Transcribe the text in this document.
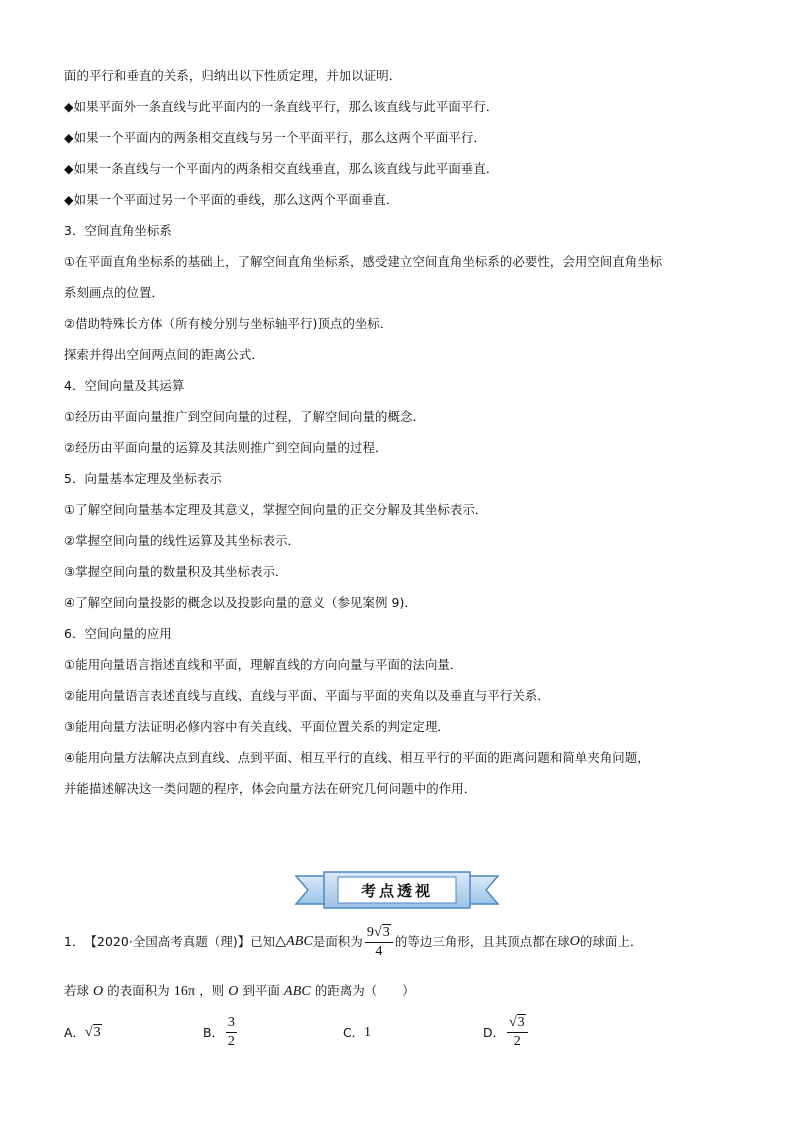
面的平行和垂直的关系，归纳出以下性质定理，并加以证明．
◆如果平面外一条直线与此平面内的一条直线平行，那么该直线与此平面平行．
◆如果一个平面内的两条相交直线与另一个平面平行，那么这两个平面平行．
◆如果一条直线与一个平面内的两条相交直线垂直，那么该直线与此平面垂直．
◆如果一个平面过另一个平面的垂线，那么这两个平面垂直．
3．空间直角坐标系
①在平面直角坐标系的基础上，了解空间直角坐标系，感受建立空间直角坐标系的必要性，会用空间直角坐标
系刻画点的位置．
②借助特殊长方体（所有棱分别与坐标轴平行)顶点的坐标．
探索并得出空间两点间的距离公式．
4．空间向量及其运算
①经历由平面向量推广到空间向量的过程，了解空间向量的概念．
②经历由平面向量的运算及其法则推广到空间向量的过程．
5．向量基本定理及坐标表示
①了解空间向量基本定理及其意义，掌握空间向量的正交分解及其坐标表示．
②掌握空间向量的线性运算及其坐标表示．
③掌握空间向量的数量积及其坐标表示．
④了解空间向量投影的概念以及投影向量的意义（参见案例 9)．
6．空间向量的应用
①能用向量语言指述直线和平面，理解直线的方向向量与平面的法向量．
②能用向量语言表述直线与直线、直线与平面、平面与平面的夹角以及垂直与平行关系．
③能用向量方法证明必修内容中有关直线、平面位置关系的判定定理．
④能用向量方法解决点到直线、点到平面、相互平行的直线、相互平行的平面的距离问题和简单夹角问题，
并能描述解决这一类问题的程序，体会向量方法在研究几何问题中的作用．
考点透视
1． 【2020·全国高考真题（理)】 已知 △ ABC 是面积为 $\frac{9√3}{4}$ 的等边三角形，且其顶点都在球 O 的球面上．
若球 O 的表面积为 16π ，则 O 到平面 ABC 的距离为（　　）
A． √3	B． $\frac{3}{2}$	C． 1	D． $\frac{√3}{2}$
